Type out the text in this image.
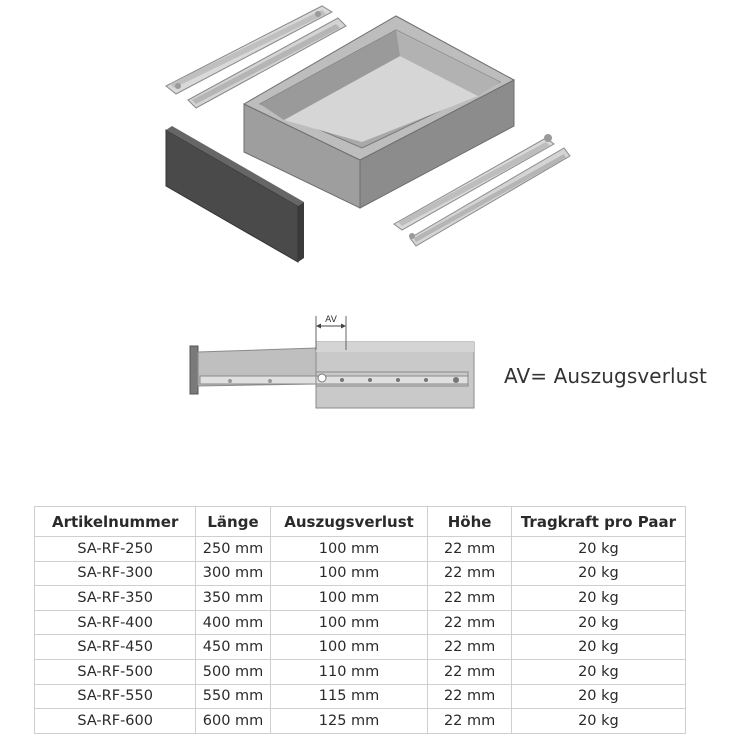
AV
AV= Auszugsverlust
Artikelnummer	Länge	Auszugsverlust	Höhe	Tragkraft pro Paar
SA-RF-250	250 mm	100 mm	22 mm	20 kg
SA-RF-300	300 mm	100 mm	22 mm	20 kg
SA-RF-350	350 mm	100 mm	22 mm	20 kg
SA-RF-400	400 mm	100 mm	22 mm	20 kg
SA-RF-450	450 mm	100 mm	22 mm	20 kg
SA-RF-500	500 mm	110 mm	22 mm	20 kg
SA-RF-550	550 mm	115 mm	22 mm	20 kg
SA-RF-600	600 mm	125 mm	22 mm	20 kg
